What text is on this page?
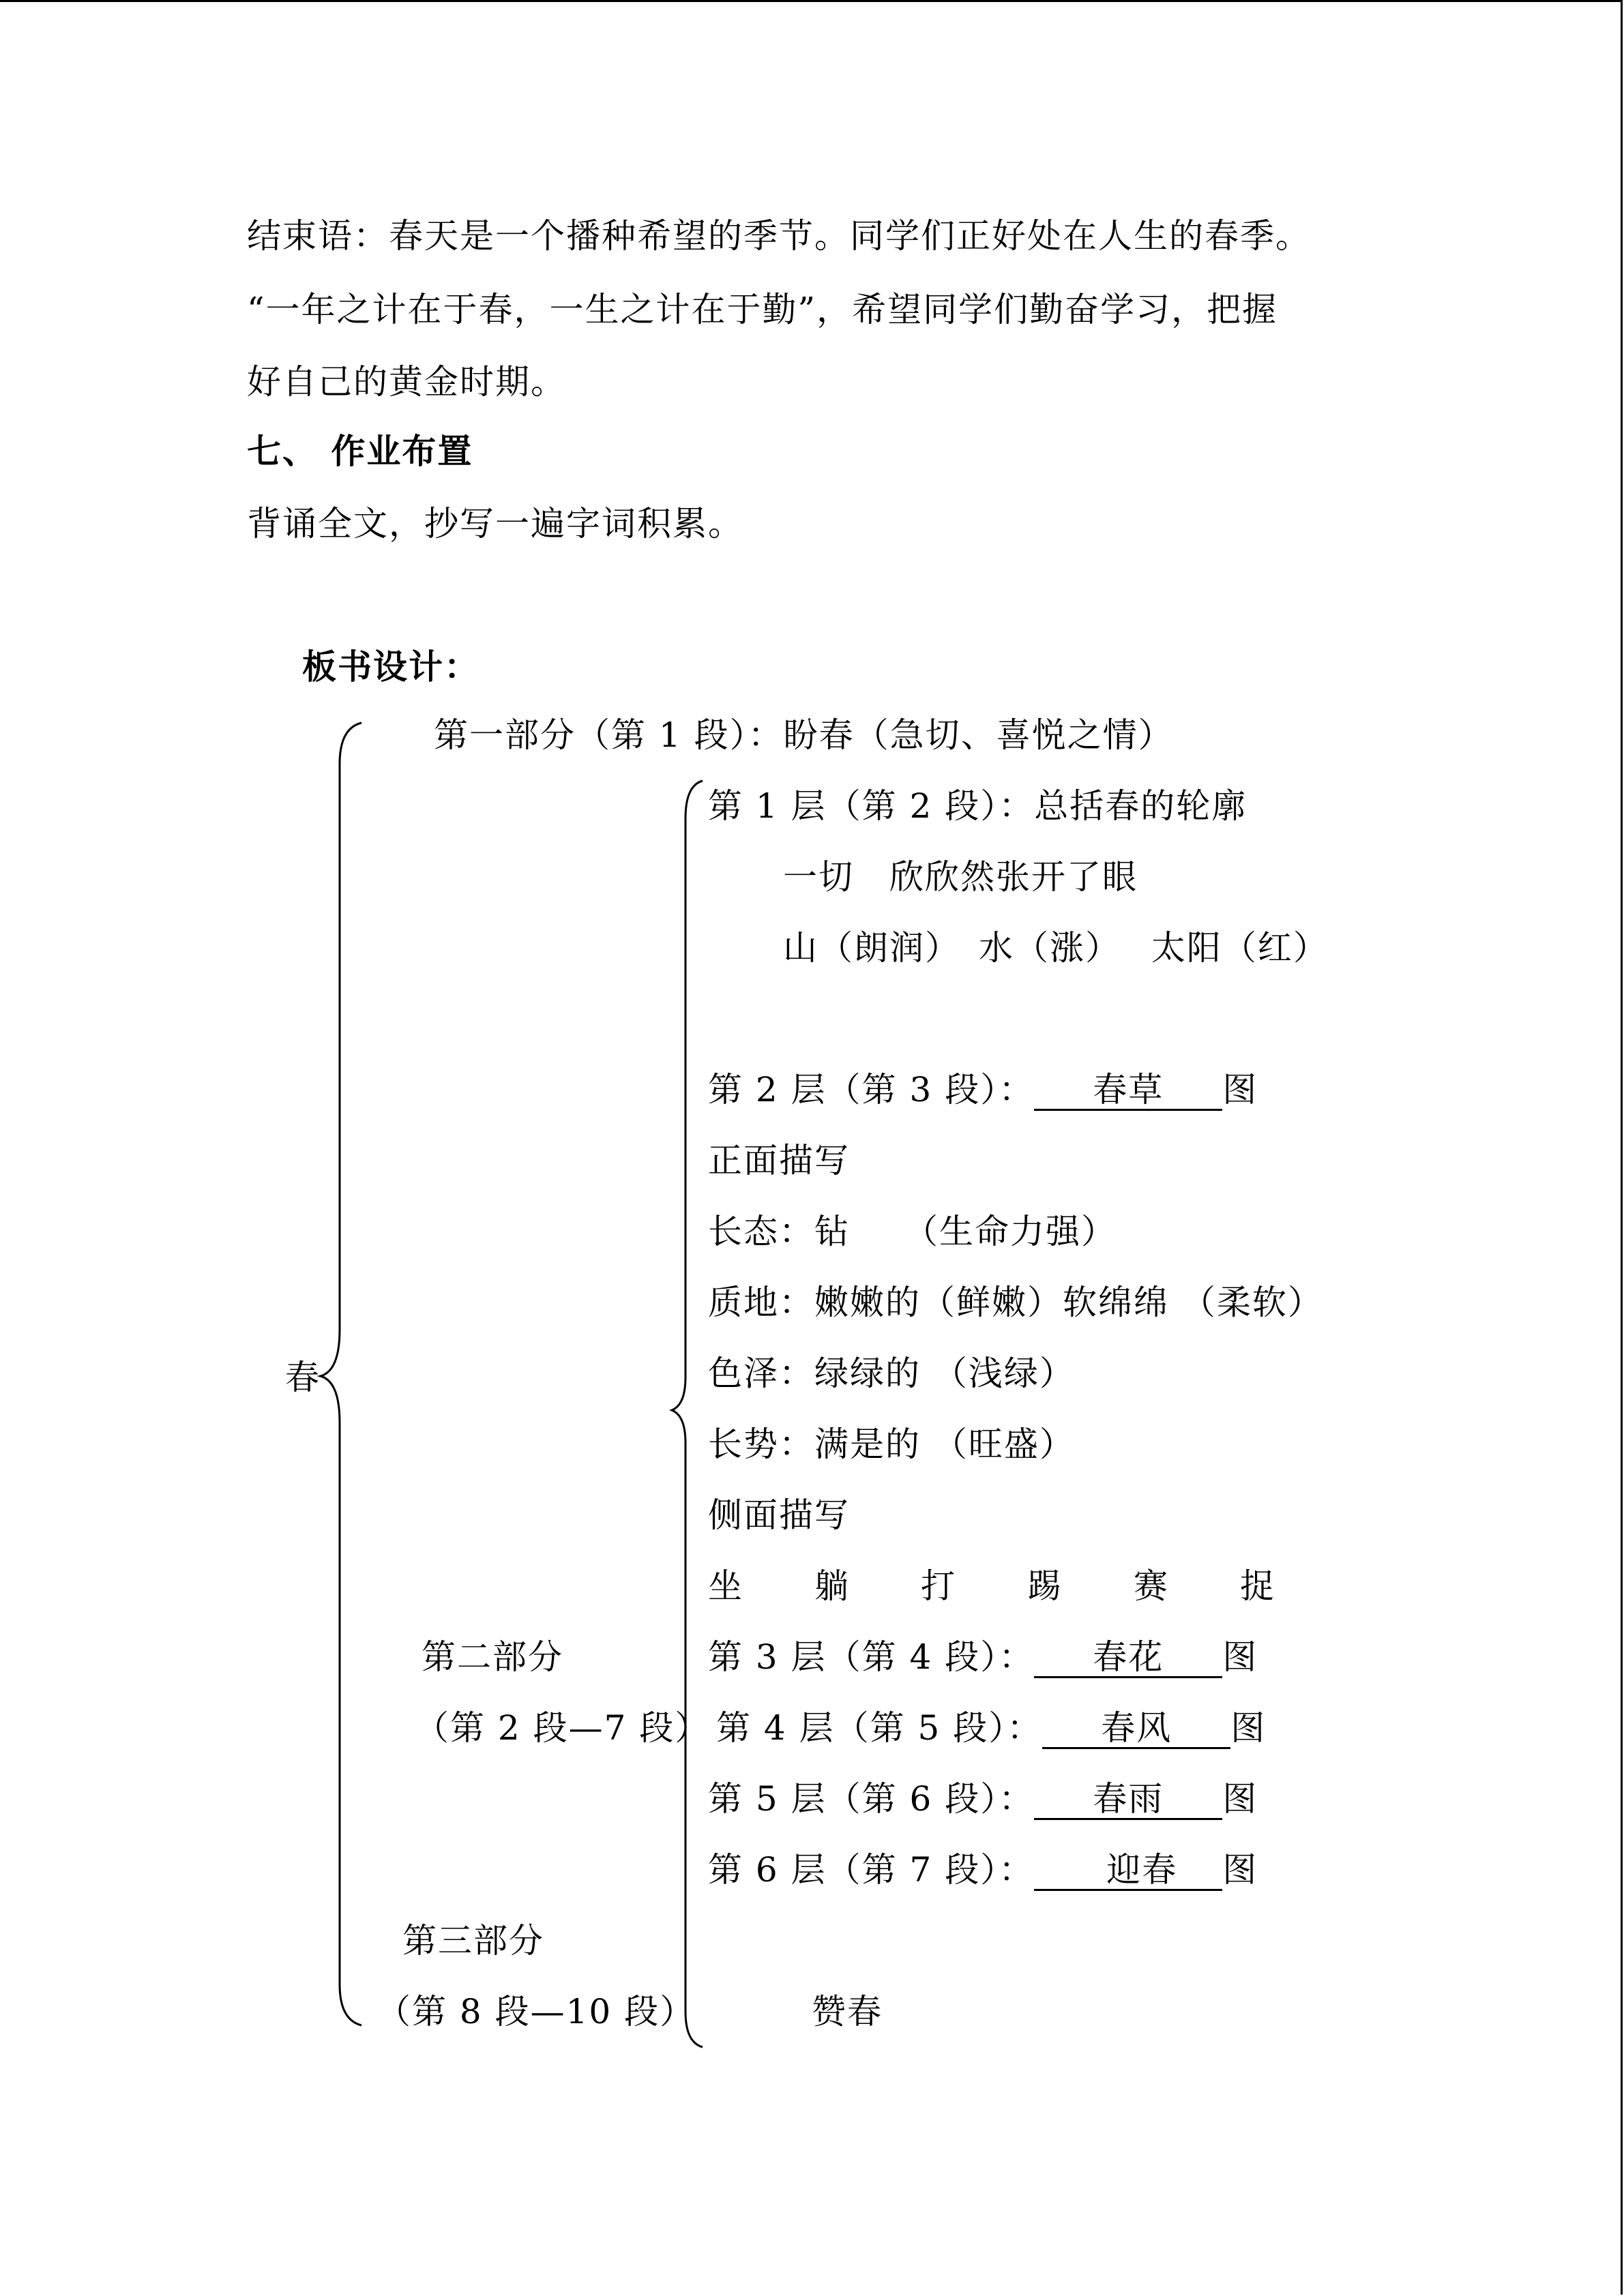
结束语：春天是一个播种希望的季节。同学们正好处在人生的春季。
“一年之计在于春，一生之计在于勤”，希望同学们勤奋学习，把握
好自己的黄金时期。
七、 作业布置
背诵全文，抄写一遍字词积累。
板书设计：
春
第一部分（第 1 段）：盼春（急切、喜悦之情）
第 1 层（第 2 段）：总括春的轮廓
一切　欣欣然张开了眼
山（朗润）　水（涨）　 太阳（红）
第 2 层（第 3 段）： 春草 图
正面描写
长态：钻　　（生命力强）
质地：嫩嫩的（鲜嫩）软绵绵 （柔软）
色泽：绿绿的 （浅绿）
长势：满是的 （旺盛）
侧面描写
坐　　躺　　打　　踢　　赛　　捉
第 3 层（第 4 段）： 春花 图
第 4 层（第 5 段）： 春风 图
第 5 层（第 6 段）： 春雨 图
第 6 层（第 7 段）： 迎春 图
第二部分
（第 2 段—7 段）
第三部分
（第 8 段—10 段）	赞春
